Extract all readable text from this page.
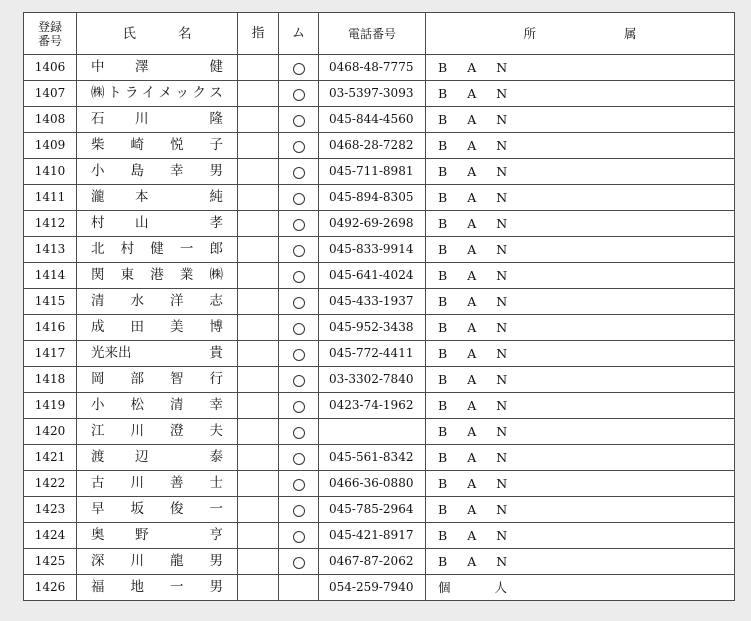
登録
番号	氏 名	指	ム	電話番号	所 属

1406	中 澤 健			0468-48-7775	B A N

1407	㈱トライメックス			03-5397-3093	B A N

1408	石 川 隆			045-844-4560	B A N

1409	柴 崎 悦 子			0468-28-7282	B A N

1410	小 島 幸 男			045-711-8981	B A N

1411	瀧 本 純			045-894-8305	B A N

1412	村 山 孝			0492-69-2698	B A N

1413	北 村 健 一 郎			045-833-9914	B A N

1414	関 東 港 業 ㈱			045-641-4024	B A N

1415	清 水 洋 志			045-433-1937	B A N

1416	成 田 美 博			045-952-3438	B A N

1417	光来出 貴			045-772-4411	B A N

1418	岡 部 智 行			03-3302-7840	B A N

1419	小 松 清 幸			0423-74-1962	B A N

1420	江 川 澄 夫				B A N

1421	渡 辺 泰			045-561-8342	B A N

1422	古 川 善 士			0466-36-0880	B A N

1423	早 坂 俊 一			045-785-2964	B A N

1424	奥 野 亨			045-421-8917	B A N

1425	深 川 龍 男			0467-87-2062	B A N

1426	福 地 一 男			054-259-7940	個 人
